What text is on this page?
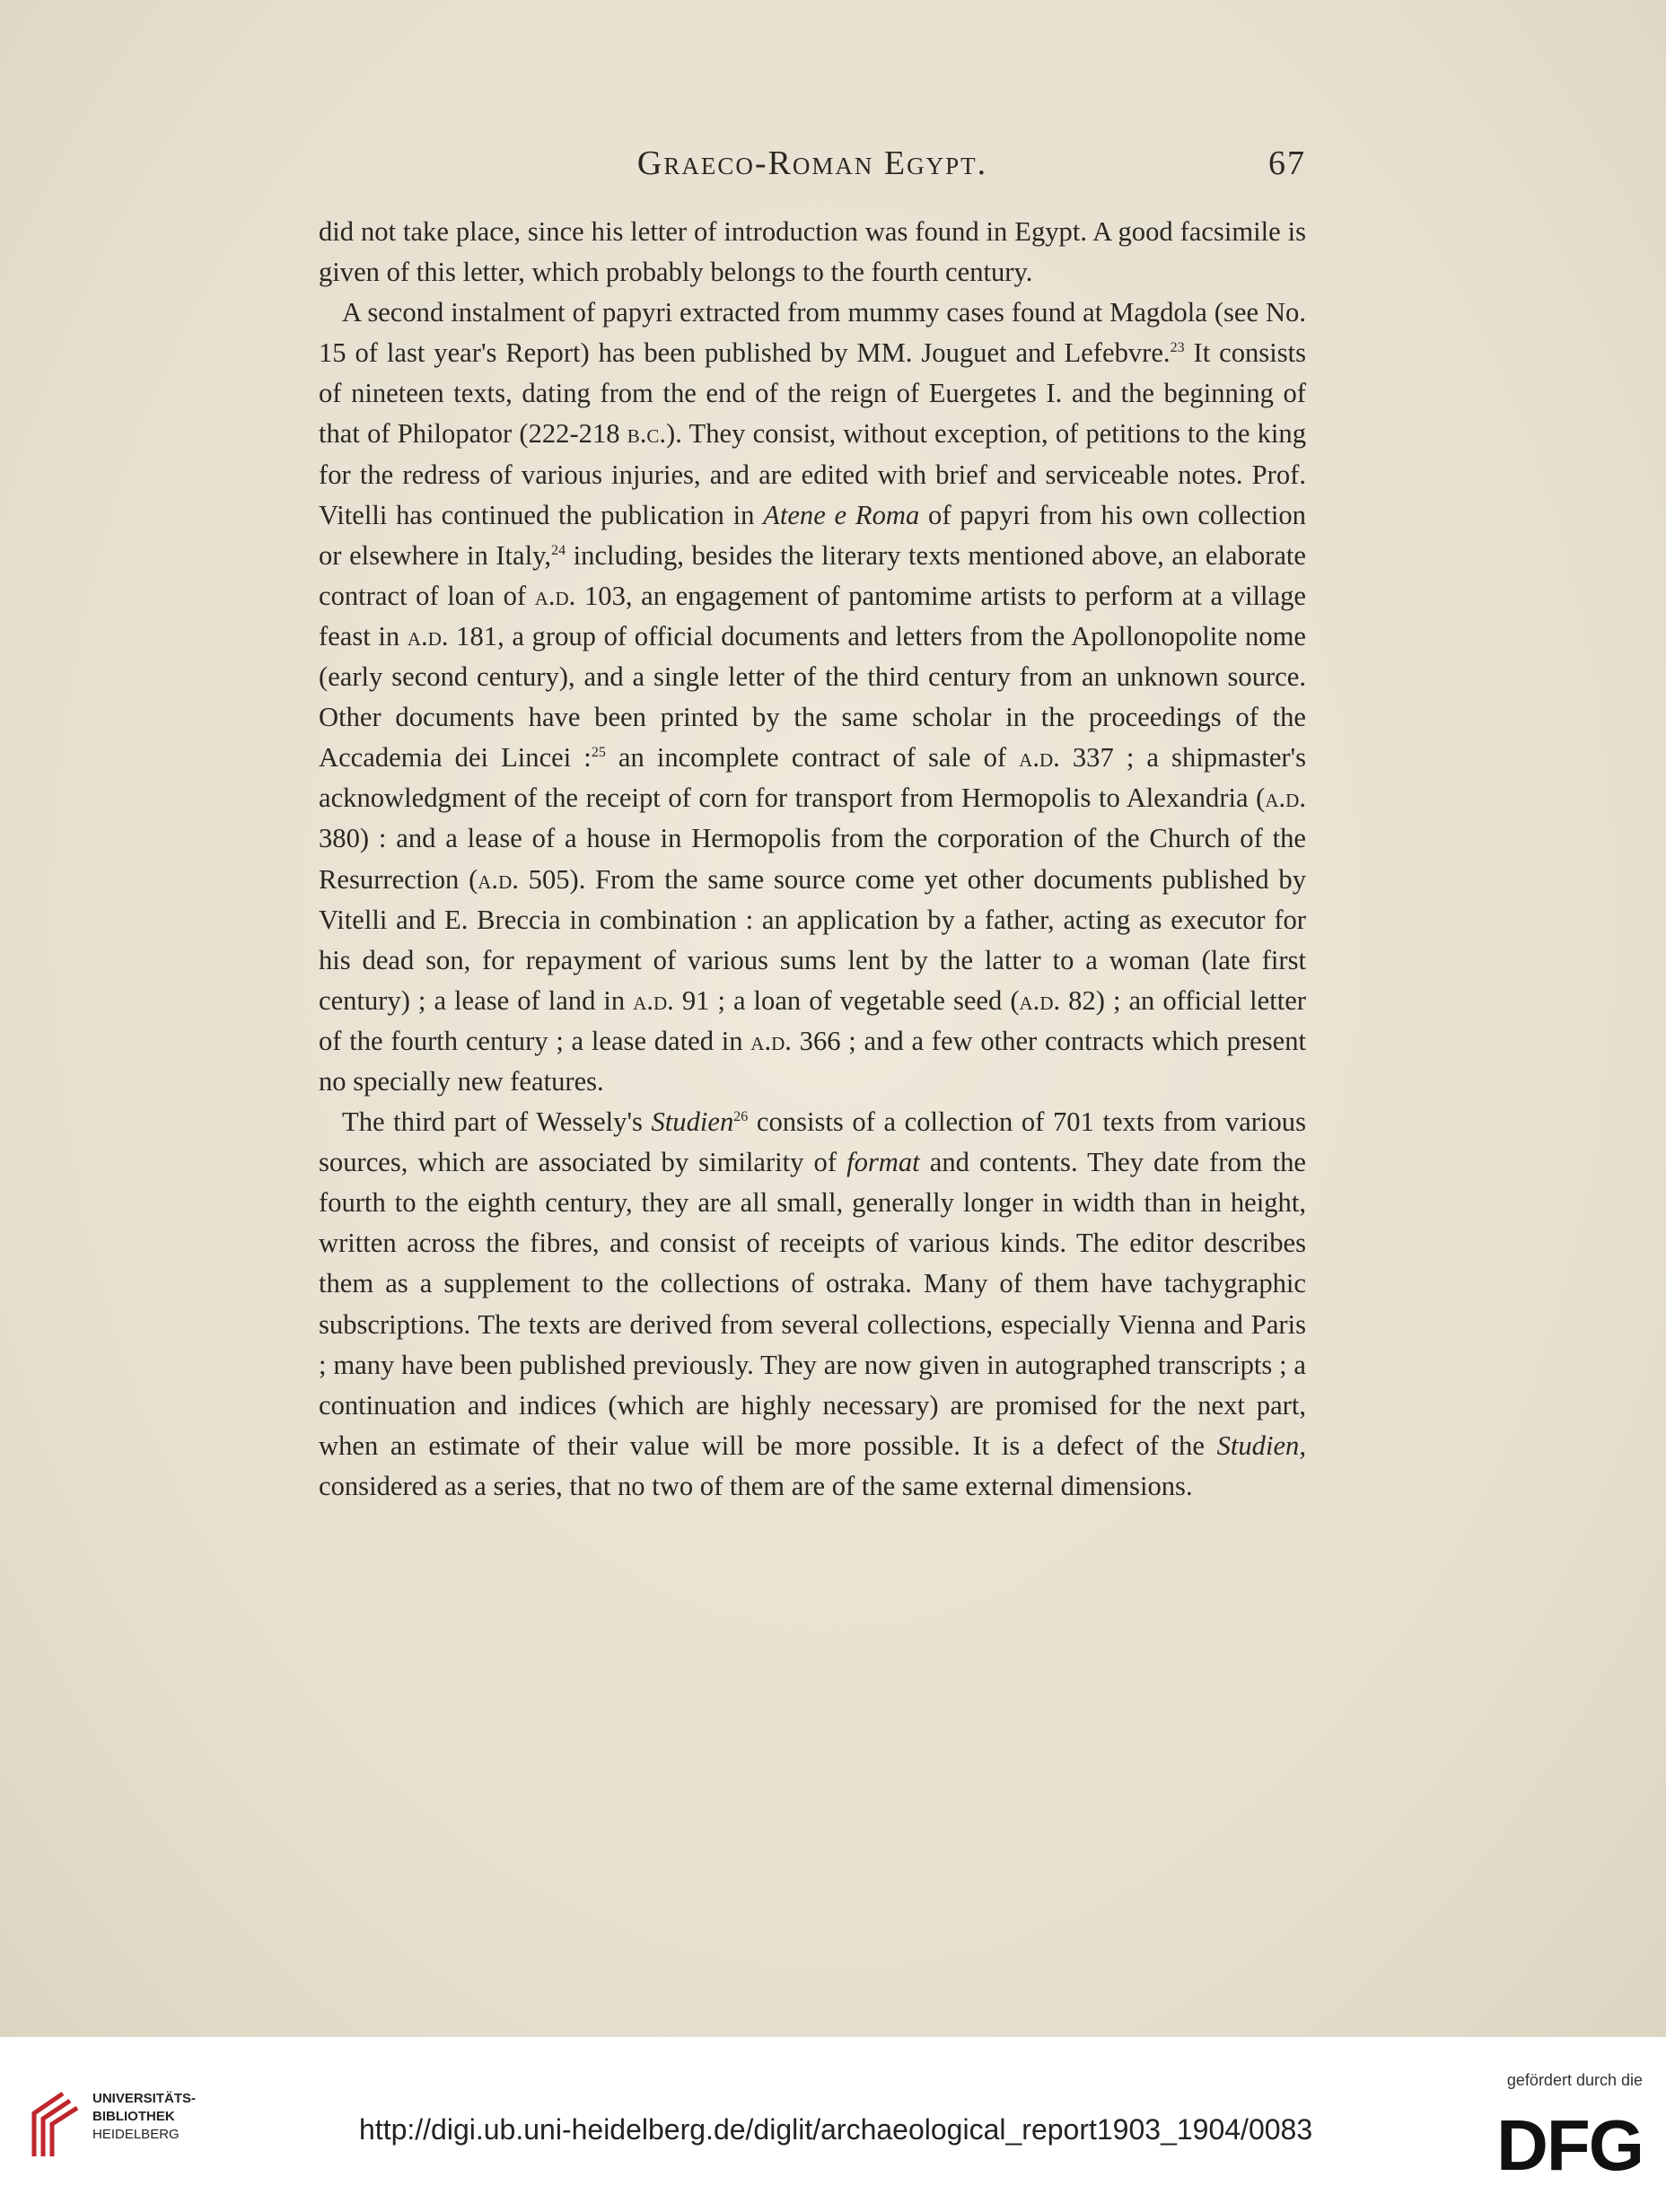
Graeco-Roman Egypt.	67

did not take place, since his letter of introduction was found in Egypt. A good facsimile is given of this letter, which probably belongs to the fourth century.

A second instalment of papyri extracted from mummy cases found at Magdola (see No. 15 of last year's Report) has been published by MM. Jouguet and Lefebvre.$^{23}$ It consists of nineteen texts, dating from the end of the reign of Euergetes I. and the beginning of that of Philopator (222-218 b.c.). They consist, without exception, of petitions to the king for the redress of various injuries, and are edited with brief and serviceable notes. Prof. Vitelli has continued the publication in Atene e Roma of papyri from his own collection or elsewhere in Italy,$^{24}$ including, besides the literary texts mentioned above, an elaborate contract of loan of a.d. 103, an engagement of pantomime artists to perform at a village feast in a.d. 181, a group of official documents and letters from the Apollonopolite nome (early second century), and a single letter of the third century from an unknown source. Other documents have been printed by the same scholar in the proceedings of the Accademia dei Lincei :$^{25}$ an incomplete contract of sale of a.d. 337 ; a shipmaster's acknowledgment of the receipt of corn for transport from Hermopolis to Alexandria (a.d. 380) : and a lease of a house in Hermopolis from the corporation of the Church of the Resurrection (a.d. 505). From the same source come yet other documents published by Vitelli and E. Breccia in combination : an application by a father, acting as executor for his dead son, for repayment of various sums lent by the latter to a woman (late first century) ; a lease of land in a.d. 91 ; a loan of vegetable seed (a.d. 82) ; an official letter of the fourth century ; a lease dated in a.d. 366 ; and a few other contracts which present no specially new features.

The third part of Wessely's Studien$^{26}$ consists of a collection of 701 texts from various sources, which are associated by similarity of format and contents. They date from the fourth to the eighth century, they are all small, generally longer in width than in height, written across the fibres, and consist of receipts of various kinds. The editor describes them as a supplement to the collections of ostraka. Many of them have tachygraphic subscriptions. The texts are derived from several collections, especially Vienna and Paris ; many have been published previously. They are now given in autographed transcripts ; a continuation and indices (which are highly necessary) are promised for the next part, when an estimate of their value will be more possible. It is a defect of the Studien, considered as a series, that no two of them are of the same external dimensions.

UNIVERSITÄTS-
BIBLIOTHEK
HEIDELBERG	http://digi.ub.uni-heidelberg.de/diglit/archaeological_report1903_1904/0083
gefördert durch die
DFG
